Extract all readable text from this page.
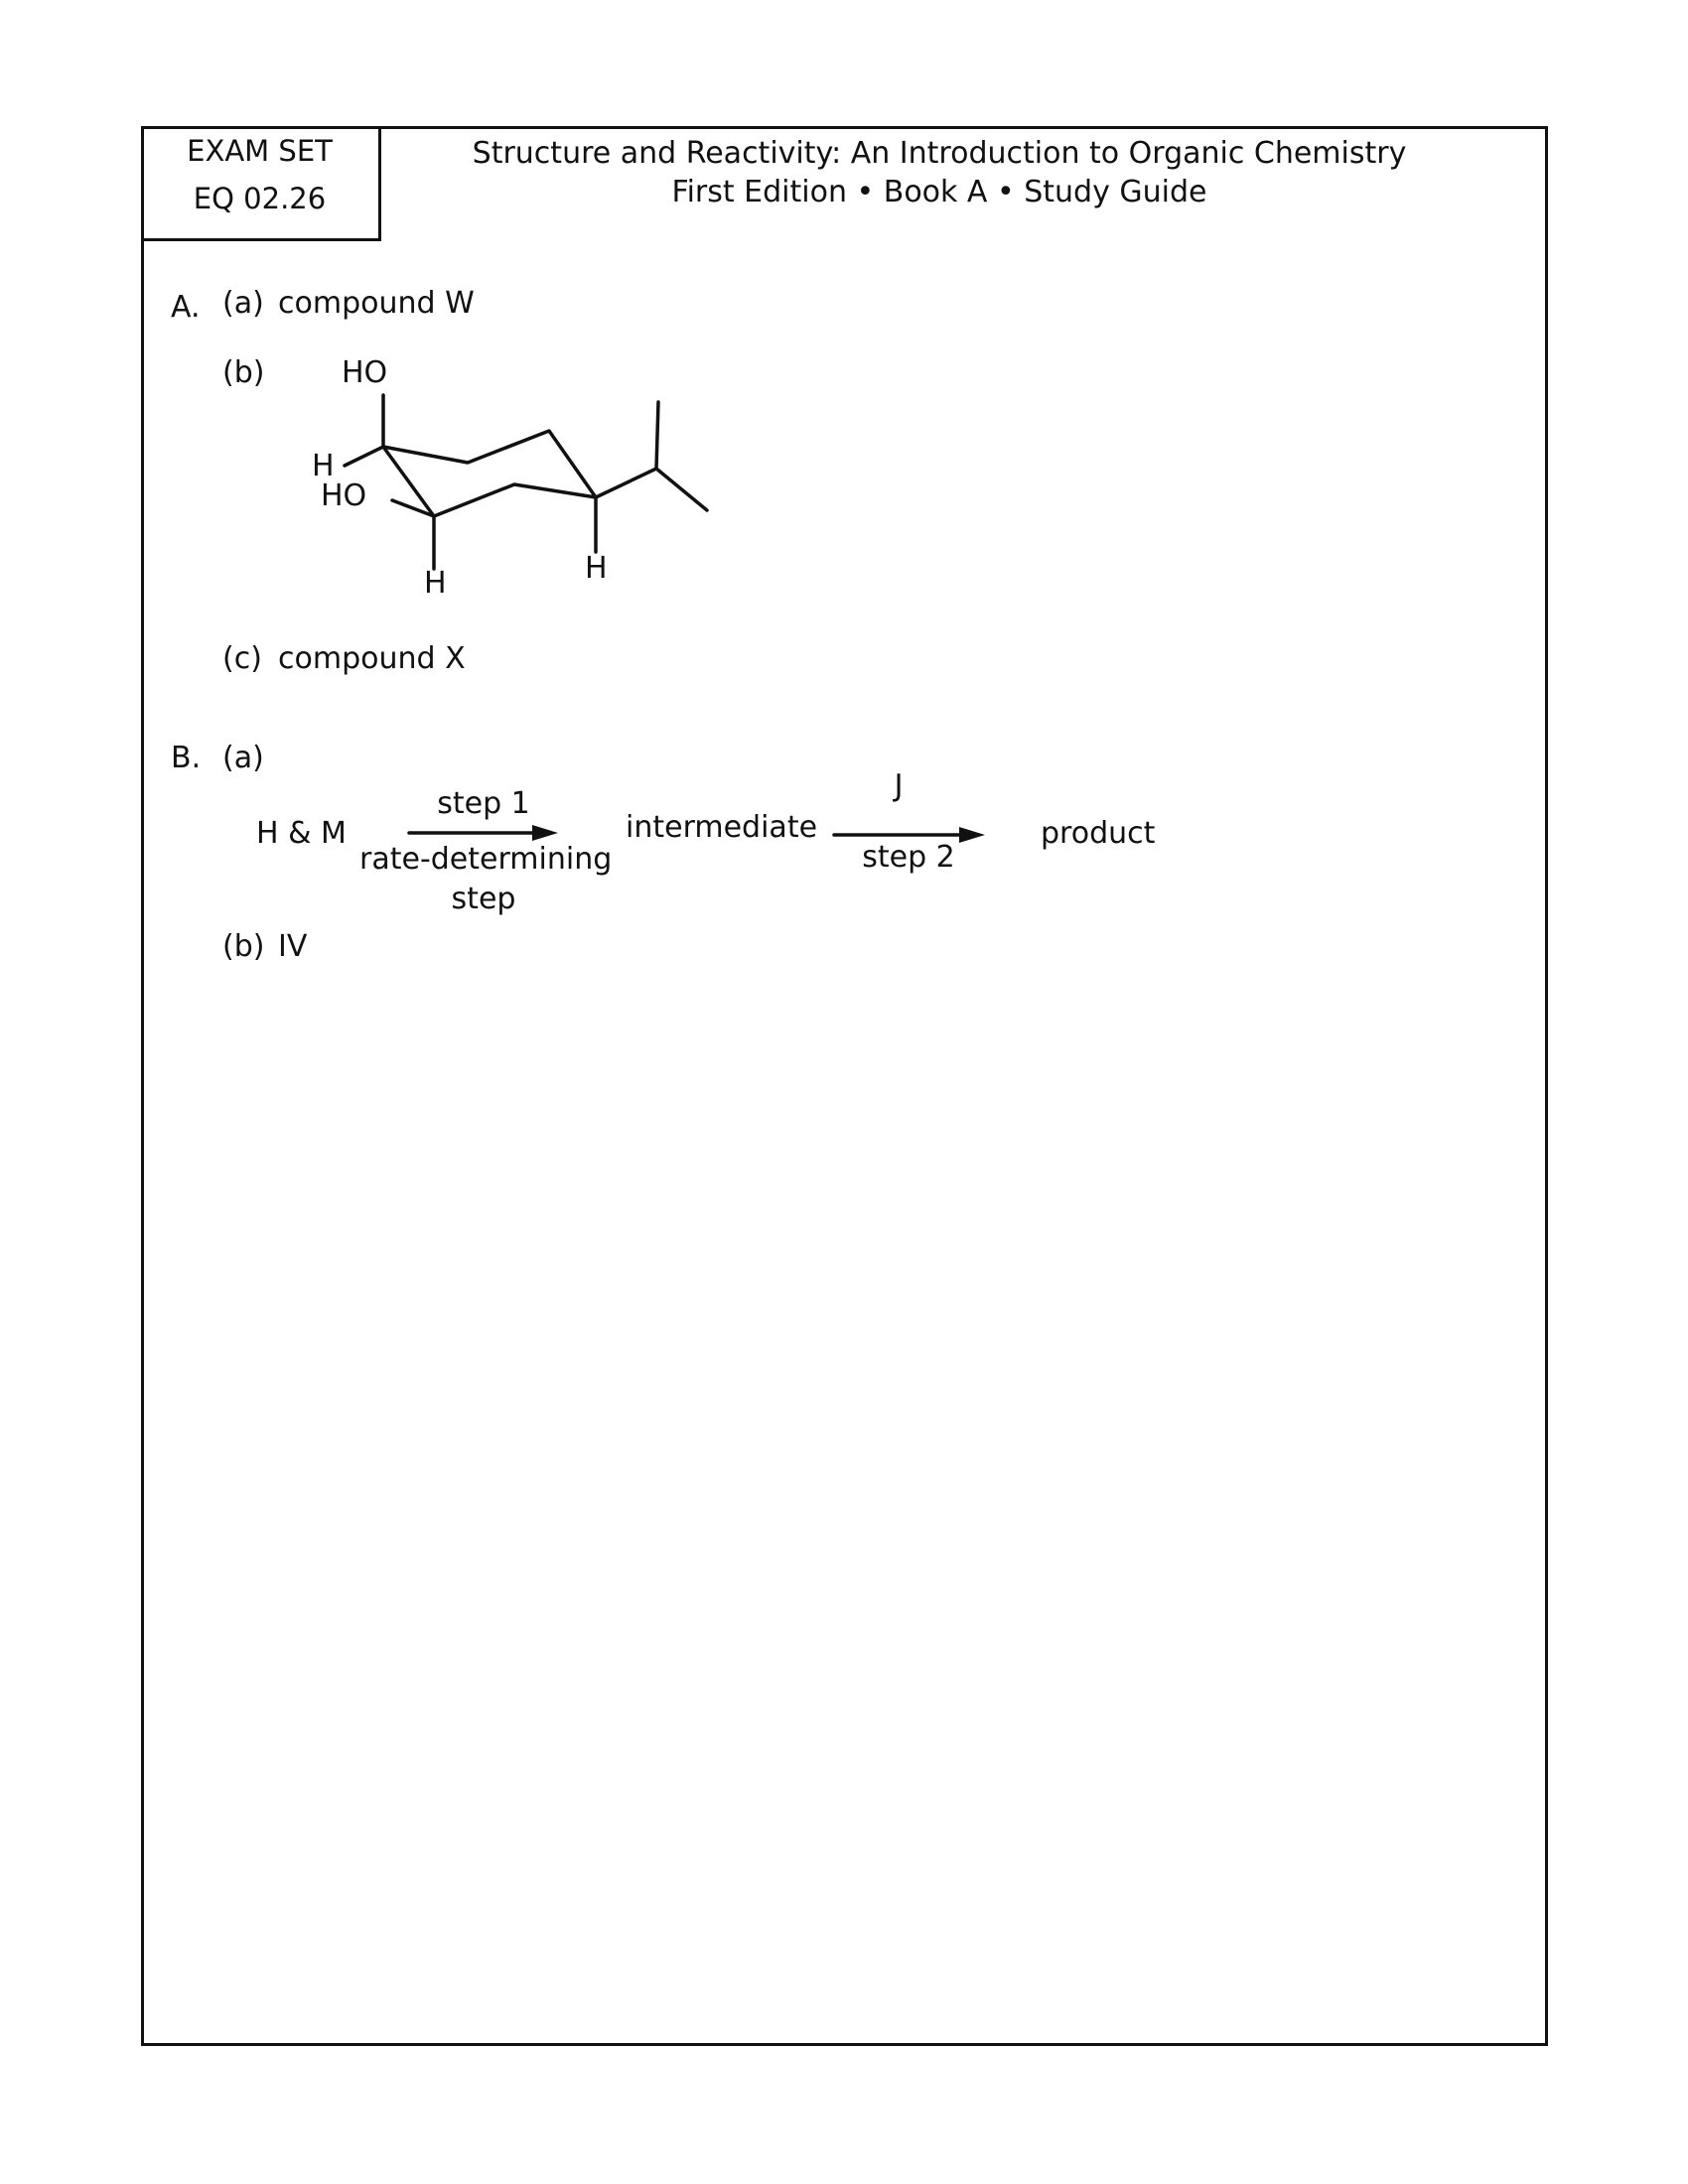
EXAM SET
EQ 02.26
Structure and Reactivity: An Introduction to Organic Chemistry
First Edition • Book A • Study Guide
A. (a) compound W
(b)	HO
H
HO
H	H
(c) compound X
B. (a)
H & M
step 1
rate-determining
step
intermediate
J
step 2
product
(b) IV
